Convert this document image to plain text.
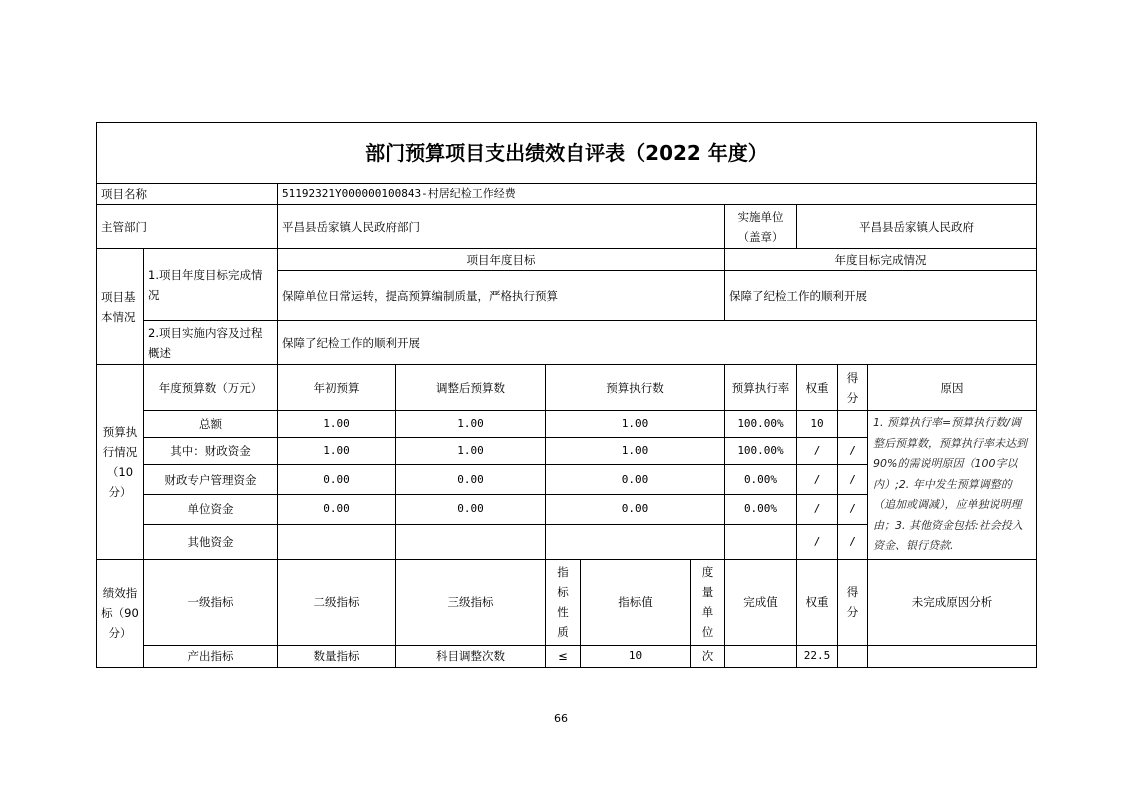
部门预算项目支出绩效自评表（2022 年度）										
项目名称		51192321Y000000100843-村居纪检工作经费								
主管部门		平昌县岳家镇人民政府部门					实施单位（盖章）	平昌县岳家镇人民政府		
项目基本情况	1.项目年度目标完成情况	项目年度目标					年度目标完成情况			
		保障单位日常运转，提高预算编制质量，严格执行预算					保障了纪检工作的顺利开展			
	2.项目实施内容及过程概述	保障了纪检工作的顺利开展								
预算执行情况（10分）	年度预算数（万元）	年初预算	调整后预算数	预算执行数			预算执行率	权重	得分	原因
	总额	1.00	1.00	1.00			100.00%	10		1. 预算执行率=预算执行数/调整后预算数，预算执行率未达到 90%的需说明原因（100字以内）;2. 年中发生预算调整的（追加或调减），应单独说明理由；3. 其他资金包括:社会投入资金、银行贷款.
	其中：财政资金	1.00	1.00	1.00			100.00%	/	/	
	财政专户管理资金	0.00	0.00	0.00			0.00%	/	/	
	单位资金	0.00	0.00	0.00			0.00%	/	/	
	其他资金							/	/	
绩效指标（90分）	一级指标	二级指标	三级指标	指标性质	指标值	度量单位	完成值	权重	得分	未完成原因分析
	产出指标	数量指标	科目调整次数	≤	10	次		22.5		
66
